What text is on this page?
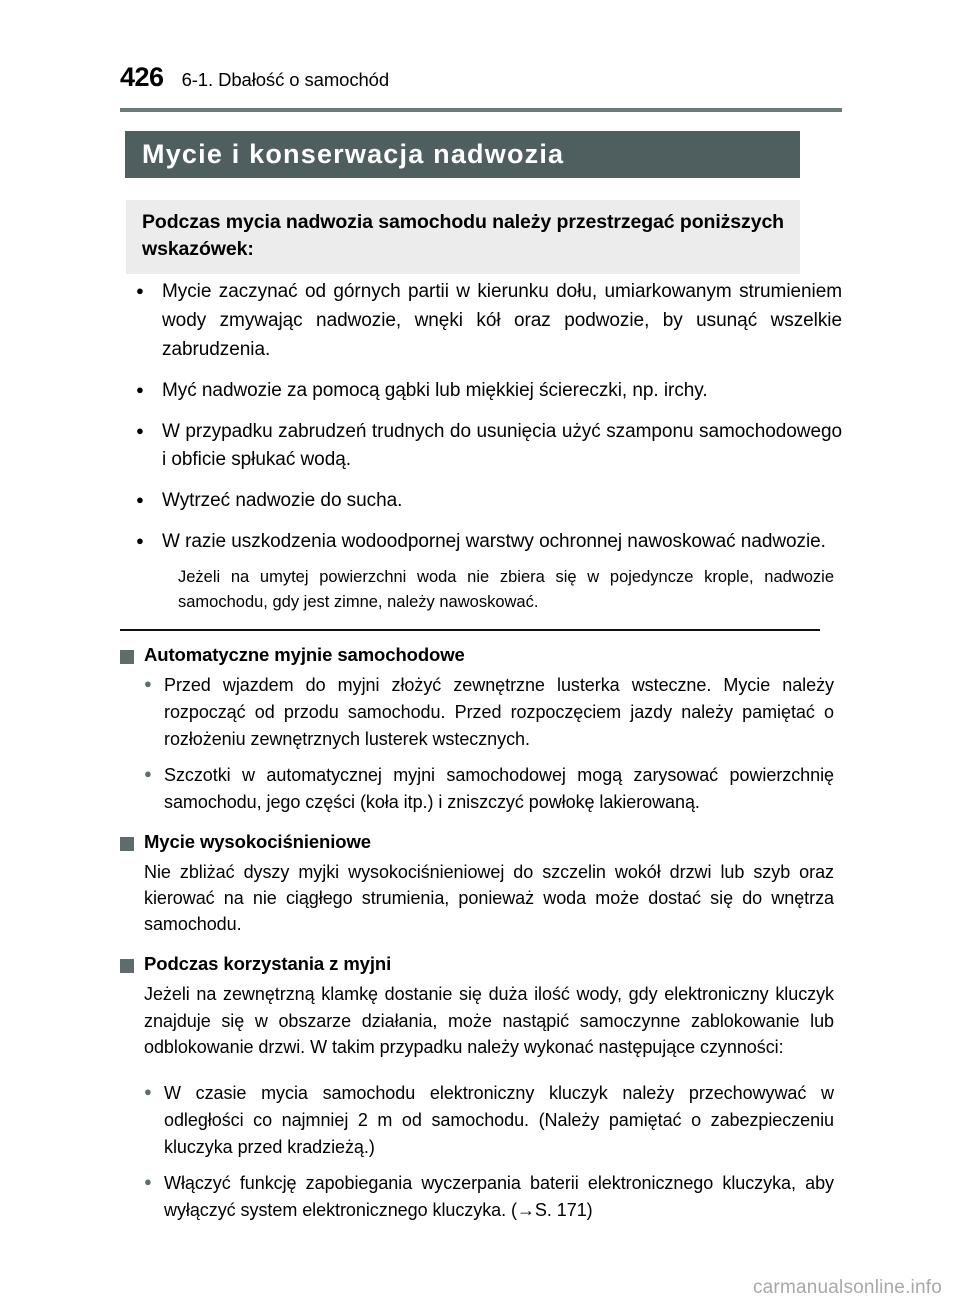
426 6-1. Dbałość o samochód
Mycie i konserwacja nadwozia
Podczas mycia nadwozia samochodu należy przestrzegać poniższych wskazówek:
●
Mycie zaczynać od górnych partii w kierunku dołu, umiarkowanym strumieniem wody zmywając nadwozie, wnęki kół oraz podwozie, by usunąć wszelkie zabrudzenia.
●
Myć nadwozie za pomocą gąbki lub miękkiej ściereczki, np. irchy.
●
W przypadku zabrudzeń trudnych do usunięcia użyć szamponu samochodowego i obficie spłukać wodą.
●
Wytrzeć nadwozie do sucha.
●
W razie uszkodzenia wodoodpornej warstwy ochronnej nawoskować nadwozie.
Jeżeli na umytej powierzchni woda nie zbiera się w pojedyncze krople, nadwozie samochodu, gdy jest zimne, należy nawoskować.
Automatyczne myjnie samochodowe
●
Przed wjazdem do myjni złożyć zewnętrzne lusterka wsteczne. Mycie należy rozpocząć od przodu samochodu. Przed rozpoczęciem jazdy należy pamiętać o rozłożeniu zewnętrznych lusterek wstecznych.
●
Szczotki w automatycznej myjni samochodowej mogą zarysować powierzchnię samochodu, jego części (koła itp.) i zniszczyć powłokę lakierowaną.
Mycie wysokociśnieniowe
Nie zbliżać dyszy myjki wysokociśnieniowej do szczelin wokół drzwi lub szyb oraz kierować na nie ciągłego strumienia, ponieważ woda może dostać się do wnętrza samochodu.
Podczas korzystania z myjni
Jeżeli na zewnętrzną klamkę dostanie się duża ilość wody, gdy elektroniczny kluczyk znajduje się w obszarze działania, może nastąpić samoczynne zablokowanie lub odblokowanie drzwi. W takim przypadku należy wykonać następujące czynności:
●
W czasie mycia samochodu elektroniczny kluczyk należy przechowywać w odległości co najmniej 2 m od samochodu. (Należy pamiętać o zabezpieczeniu kluczyka przed kradzieżą.)
●
Włączyć funkcję zapobiegania wyczerpania baterii elektronicznego kluczyka, aby wyłączyć system elektronicznego kluczyka. (→S. 171)
carmanualsonline.info
